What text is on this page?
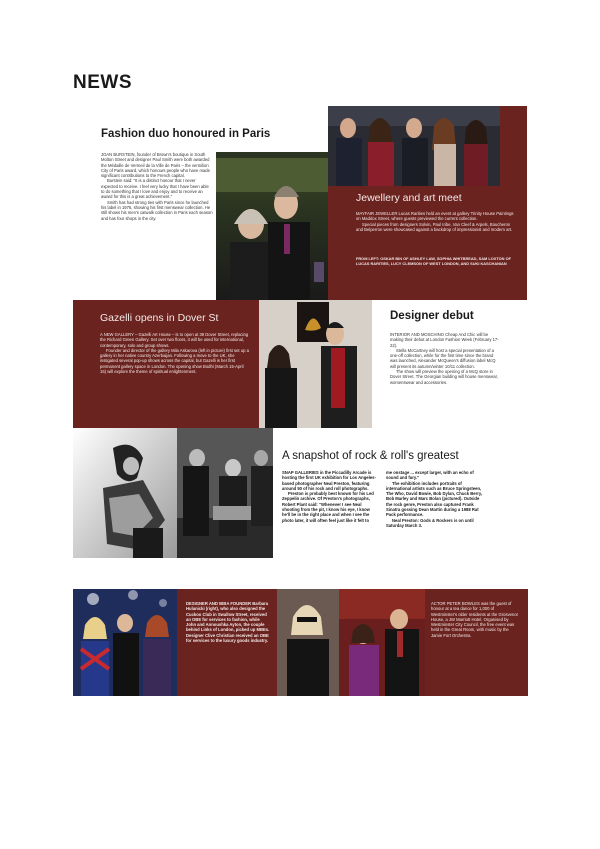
NEWS
Fashion duo honoured in Paris

JOAN BURSTEIN, founder of Brown's boutique in South Molton Street and designer Paul Smith were both awarded the Médaille de Vermeil de la Ville de Paris – the vermilion City of Paris award, which honours people who have made significant contributions to the French capital.

Burstein said: "It is a distinct honour that I never expected to receive. I feel very lucky that I have been able to do something that I love and enjoy and to receive an award for this is a great achievement."

Smith has had strong ties with Paris since he launched his label in 1976, showing his first menswear collection. He still shows his men's catwalk collection in Paris each season and has four shops in the city.

Jewellery and art meet

MAYFAIR JEWELLER Lucas Rarities held an event at gallery Trinity House Paintings on Maddox Street, where guests previewed the current collection.

Special pieces from designers Solvin, Paul Iribe, Van Cleef & Arpels, Boucheron and Belperron were showcased against a backdrop of impressionist and modern art.

FROM LEFT: OSKAR BIN OF ASHLEY LAW, SOPHIA WHITBREAD, SAM LOXTON OF LUCAS RARITIES, LUCY CLEMSON OF WEST LONDON, AND SUKI KASCHANIAN
Gazelli opens in Dover St

A NEW GALLERY – Gazelli Art House – is to open at 39 Dover Street, replacing the Richard Green Gallery. Set over two floors, it will be used for international, contemporary, solo and group shows.

Founder and director of the gallery Mila Askarova (left in picture) first set up a gallery in her native country Azerbaijan. Following a move to the UK, she instigated several pop-up shows across the capital, but Gazelli is her first permanent gallery space in London. The opening show Bodhi (March 15-April 15) will explore the theme of spiritual enlightenment.

Designer debut

INTERIOR AND MOSCHINO Cheap And Chic will be making their debut at London Fashion Week (February 17-22).

Stella McCartney will host a special presentation of a one-off collection, while for the first time since the brand was launched, Alexander McQueen's diffusion label McQ will present its autumn/winter 10/11 collection.

The show will preview the opening of a McQ store in Dover Street. The Georgian building will house menswear, womenswear and accessories.

A snapshot of rock & roll's greatest

SNAP GALLERIES in the Piccadilly Arcade is hosting the first UK exhibition for Los Angeles-based photographer Neal Preston, featuring around 50 of his rock and roll photographs.

Preston is probably best known for his Led Zeppelin archive. Of Preston's photographs, Robert Plant said: "Whenever I see Neal shooting from the pit, I know his eye, I know he'll be in the right place and when I see the photo later, it will often feel just like it felt to

me onstage ... except larger, with an echo of sound and fury."

The exhibition includes portraits of international artists such as Bruce Springsteen, The Who, David Bowie, Bob Dylan, Chuck Berry, Bob Marley and Marc Bolan (pictured). Outside the rock genre, Preston also captured Frank Sinatra gossing Dean Martin during a 1988 Rat Pack performance.

Neal Preston: Gods & Rockers is on until Saturday March 3.

DESIGNER AND BIBA FOUNDER Barbara Hulanicki (right), who also designed the Cuckoo Club in Swallow Street, received an OBE for services to fashion, while John and Annoushka Ayton, the couple behind Links of London, picked up MBEs. Designer Clive Christian received an OBE for services to the luxury goods industry.
ACTOR PETER BOWLES was the guest of honour at a tea dance for 1,000 of Westminster's older residents at the Grosvenor House, a JW Marriott Hotel. Organised by Westminster City Council, the free event was held in the Great Room, with music by the Jamie Fort Orchestra.
